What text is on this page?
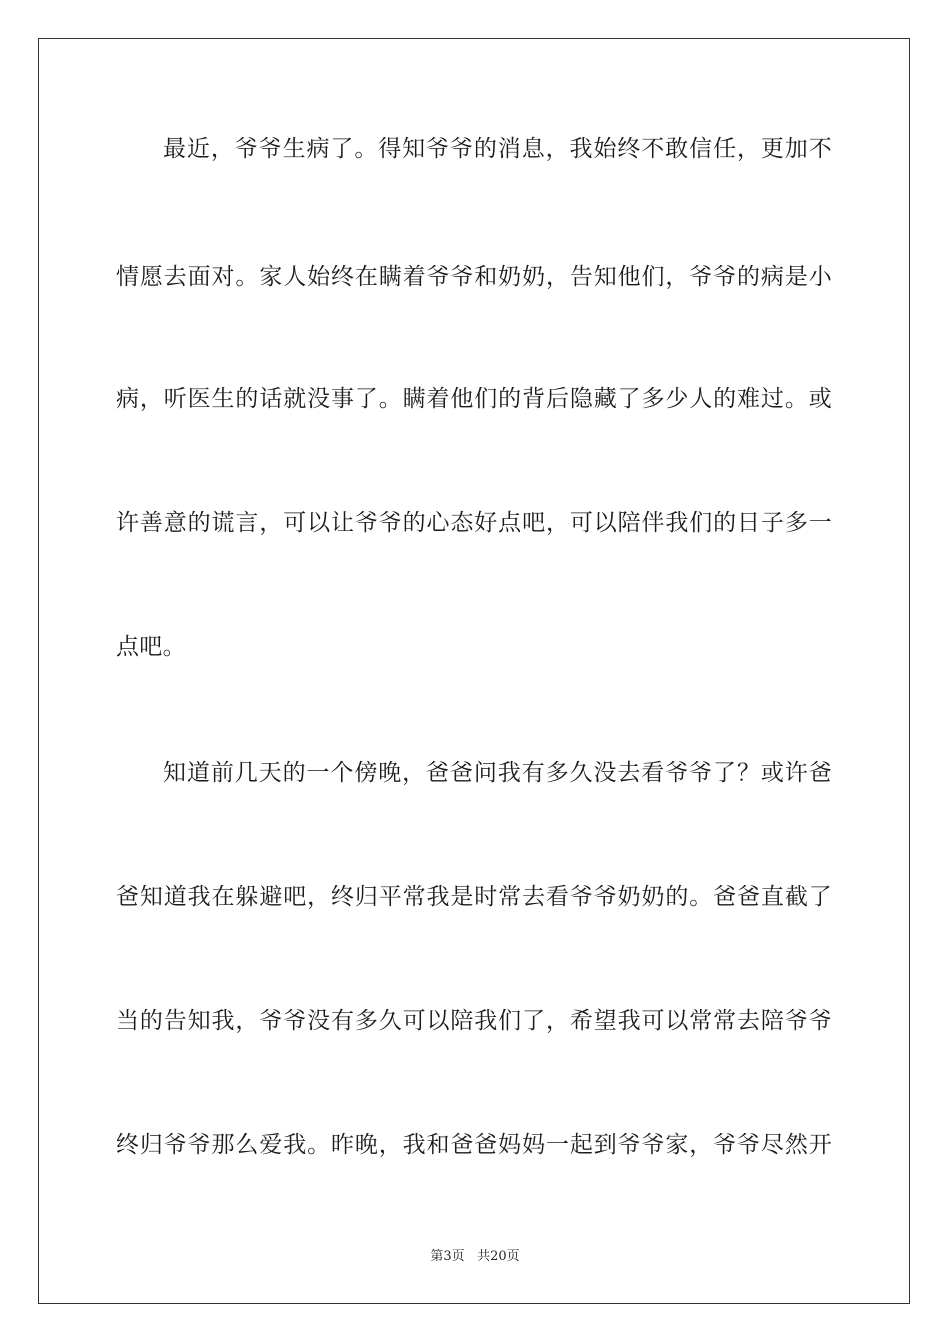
最近，爷爷生病了。得知爷爷的消息，我始终不敢信任，更加不
情愿去面对。家人始终在瞒着爷爷和奶奶，告知他们，爷爷的病是小
病，听医生的话就没事了。瞒着他们的背后隐藏了多少人的难过。或
许善意的谎言，可以让爷爷的心态好点吧，可以陪伴我们的日子多一
点吧。
知道前几天的一个傍晚，爸爸问我有多久没去看爷爷了？或许爸
爸知道我在躲避吧，终归平常我是时常去看爷爷奶奶的。爸爸直截了
当的告知我，爷爷没有多久可以陪我们了，希望我可以常常去陪爷爷
终归爷爷那么爱我。昨晚，我和爸爸妈妈一起到爷爷家，爷爷尽然开
第3页 共20页
